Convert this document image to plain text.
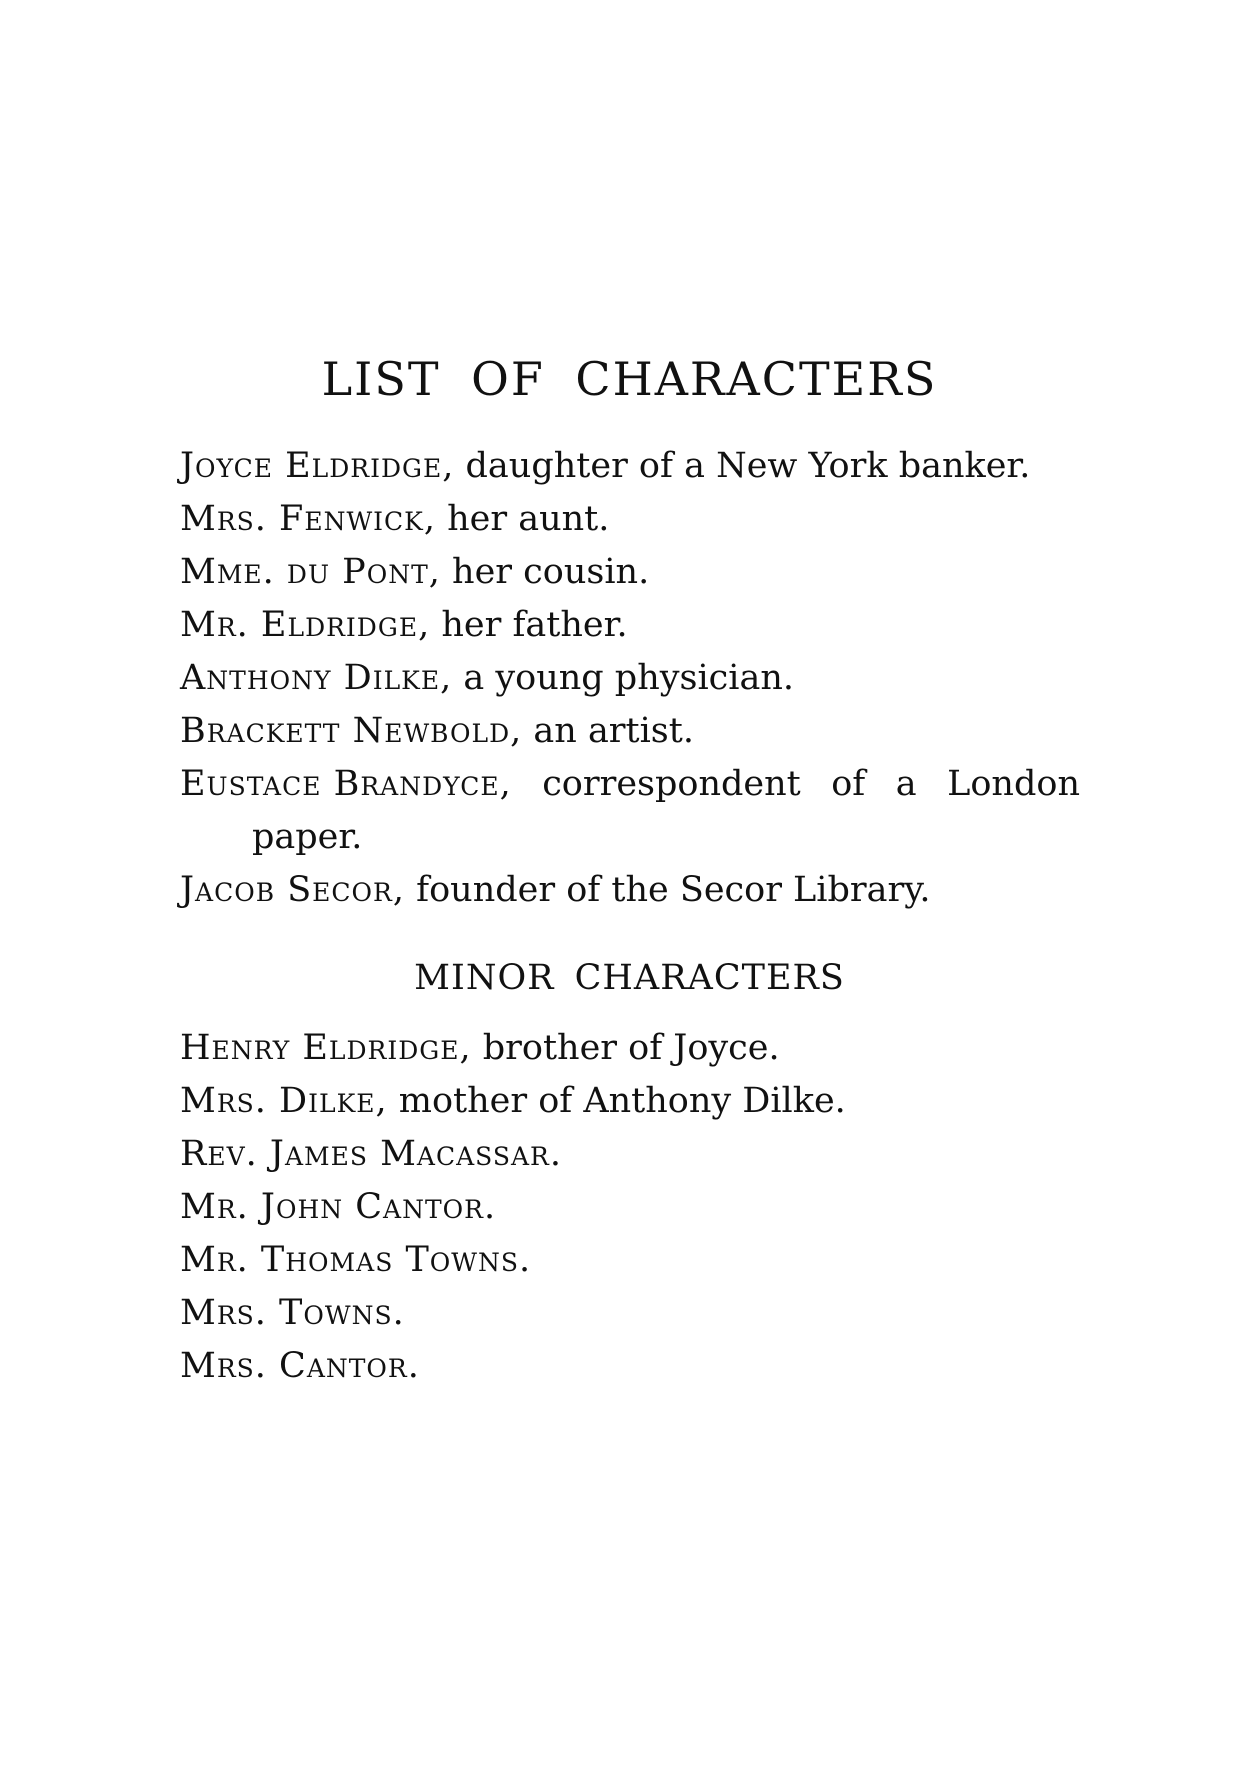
LIST OF CHARACTERS
Joyce Eldridge, daughter of a New York banker.
Mrs. Fenwick, her aunt.
Mme. du Pont, her cousin.
Mr. Eldridge, her father.
Anthony Dilke, a young physician.
Brackett Newbold, an artist.
Eustace Brandyce, correspondent of a London
paper.
Jacob Secor, founder of the Secor Library.
MINOR CHARACTERS
Henry Eldridge, brother of Joyce.
Mrs. Dilke, mother of Anthony Dilke.
Rev. James Macassar.
Mr. John Cantor.
Mr. Thomas Towns.
Mrs. Towns.
Mrs. Cantor.
